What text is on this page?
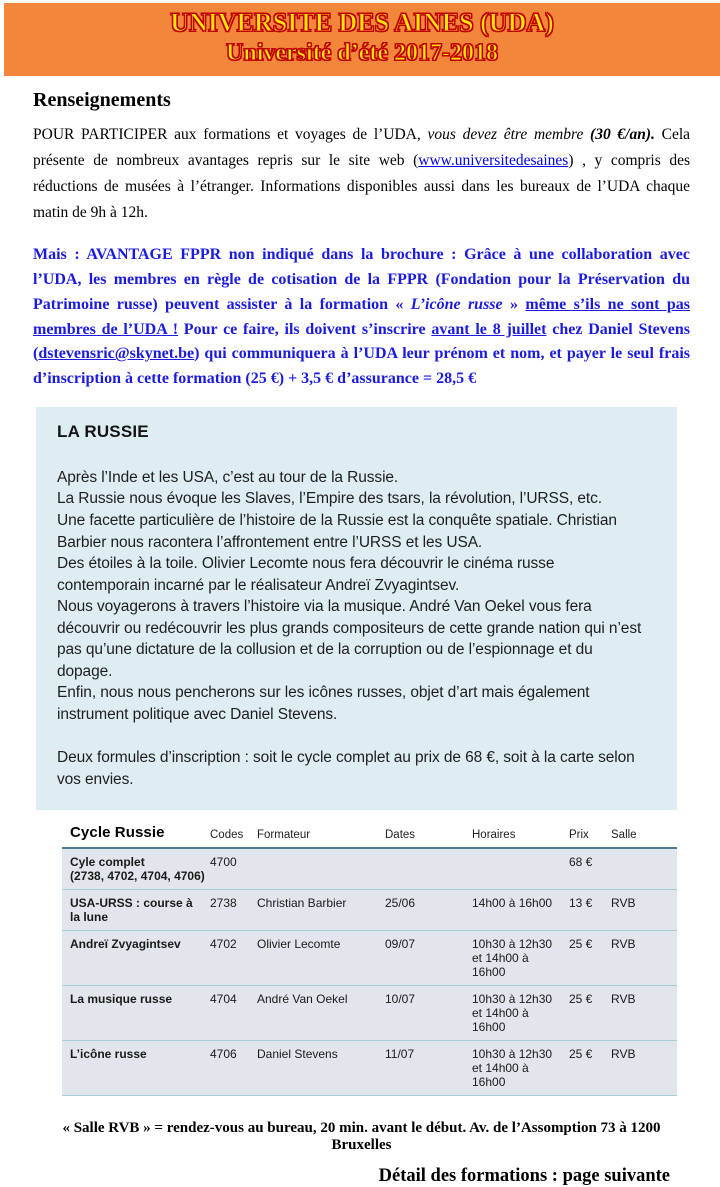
UNIVERSITE DES AINES (UDA)
Université d’été 2017-2018
Renseignements

POUR PARTICIPER aux formations et voyages de l’UDA, vous devez être membre (30 €/an). Cela présente de nombreux avantages repris sur le site web (www.universitedesaines) , y compris des réductions de musées à l’étranger. Informations disponibles aussi dans les bureaux de l’UDA chaque matin de 9h à 12h.

Mais : AVANTAGE FPPR non indiqué dans la brochure : Grâce à une collaboration avec l’UDA, les membres en règle de cotisation de la FPPR (Fondation pour la Préservation du Patrimoine russe) peuvent assister à la formation « L’icône russe » même s’ils ne sont pas membres de l’UDA ! Pour ce faire, ils doivent s’inscrire avant le 8 juillet chez Daniel Stevens (dstevensric@skynet.be) qui communiquera à l’UDA leur prénom et nom, et payer le seul frais d’inscription à cette formation (25 €) + 3,5 € d’assurance = 28,5 €

LA RUSSIE
Après l’Inde et les USA, c’est au tour de la Russie.
La Russie nous évoque les Slaves, l’Empire des tsars, la révolution, l’URSS, etc.
Une facette particulière de l’histoire de la Russie est la conquête spatiale. Christian Barbier nous racontera l’affrontement entre l’URSS et les USA.
Des étoiles à la toile. Olivier Lecomte nous fera découvrir le cinéma russe contemporain incarné par le réalisateur Andreï Zvyagintsev.
Nous voyagerons à travers l’histoire via la musique. André Van Oekel vous fera découvrir ou redécouvrir les plus grands compositeurs de cette grande nation qui n’est pas qu’une dictature de la collusion et de la corruption ou de l’espionnage et du dopage.
Enfin, nous nous pencherons sur les icônes russes, objet d’art mais également instrument politique avec Daniel Stevens.
Deux formules d’inscription : soit le cycle complet au prix de 68 €, soit à la carte selon vos envies.
Cycle Russie	Codes	Formateur	Dates	Horaires	Prix	Salle

Cyle complet
(2738, 4702, 4704, 4706)	4700				68 €	
USA-URSS : course à la lune	2738	Christian Barbier	25/06	14h00 à 16h00	13 €	RVB
Andreï Zvyagintsev	4702	Olivier Lecomte	09/07	10h30 à 12h30 et 14h00 à 16h00	25 €	RVB
La musique russe	4704	André Van Oekel	10/07	10h30 à 12h30 et 14h00 à 16h00	25 €	RVB
L’icône russe	4706	Daniel Stevens	11/07	10h30 à 12h30 et 14h00 à 16h00	25 €	RVB

« Salle RVB » = rendez-vous au bureau, 20 min. avant le début. Av. de l’Assomption 73 à 1200 Bruxelles

Détail des formations : page suivante
